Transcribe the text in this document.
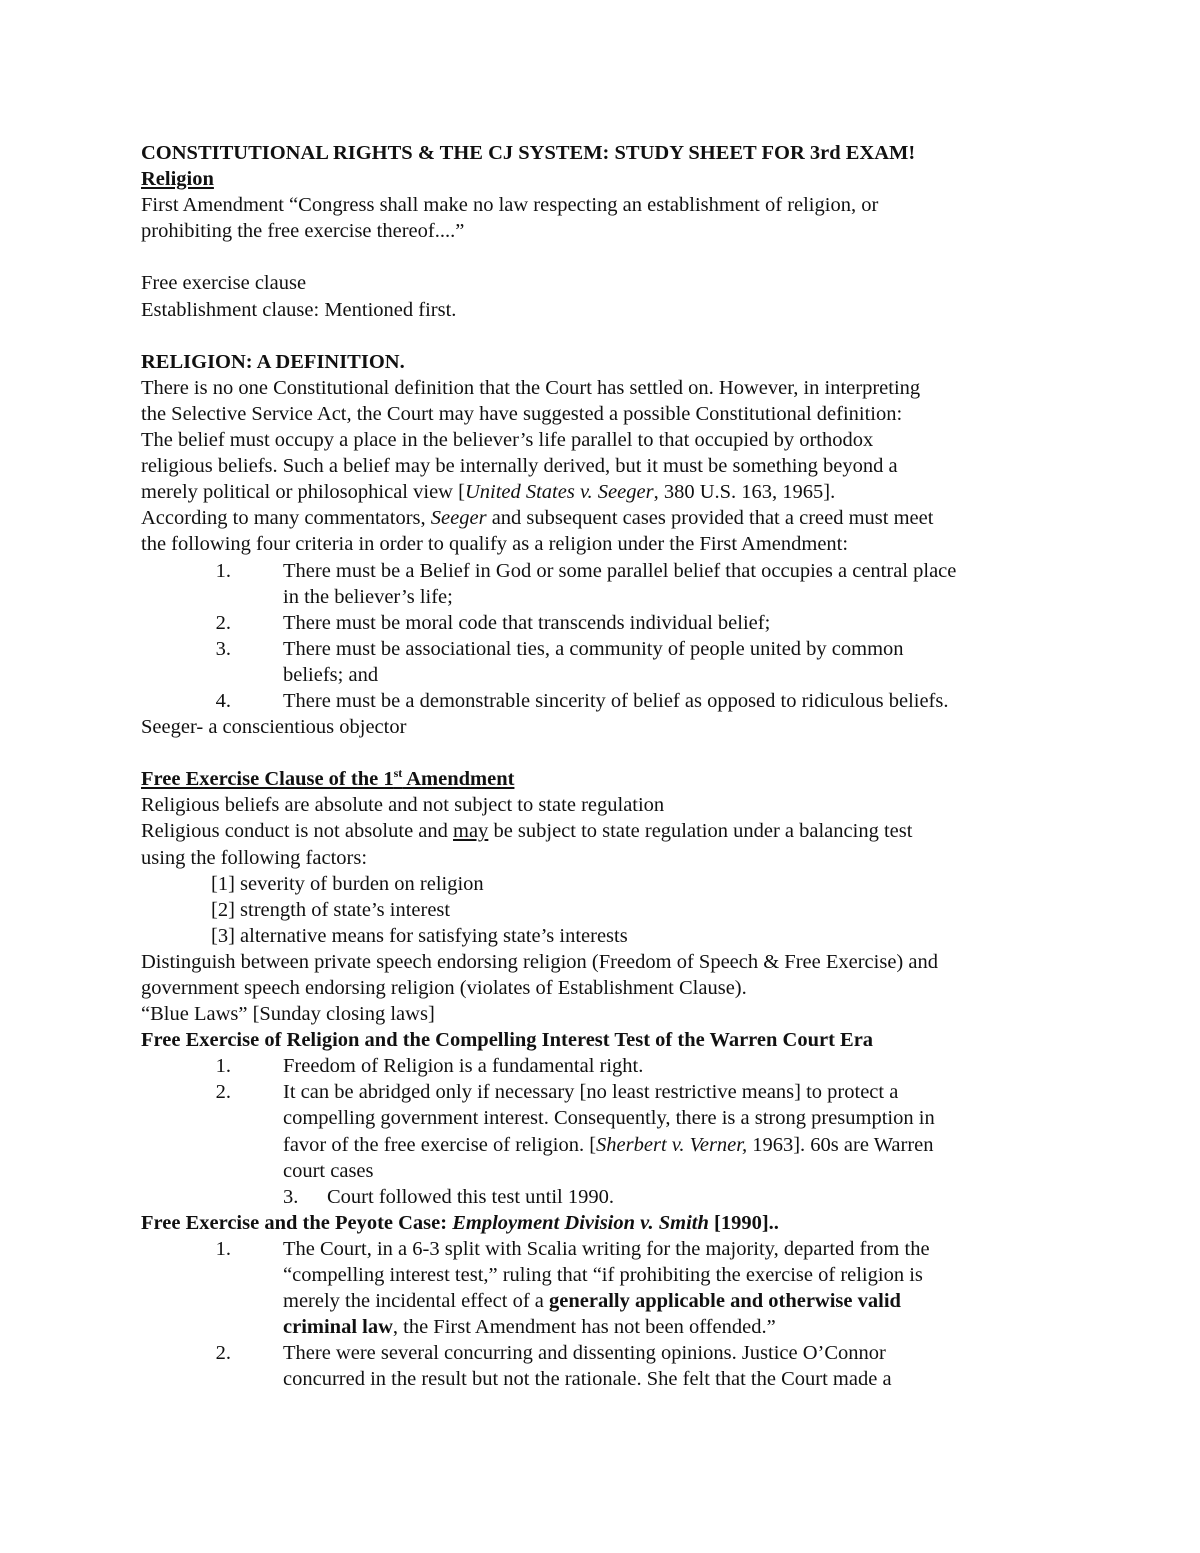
CONSTITUTIONAL RIGHTS & THE CJ SYSTEM: STUDY SHEET FOR 3rd EXAM!
Religion
First Amendment “Congress shall make no law respecting an establishment of religion, or
prohibiting the free exercise thereof....”
Free exercise clause
Establishment clause: Mentioned first.
RELIGION: A DEFINITION.
There is no one Constitutional definition that the Court has settled on. However, in interpreting
the Selective Service Act, the Court may have suggested a possible Constitutional definition:
The belief must occupy a place in the believer’s life parallel to that occupied by orthodox
religious beliefs. Such a belief may be internally derived, but it must be something beyond a
merely political or philosophical view [United States v. Seeger, 380 U.S. 163, 1965].
According to many commentators, Seeger and subsequent cases provided that a creed must meet
the following four criteria in order to qualify as a religion under the First Amendment:
1.	There must be a Belief in God or some parallel belief that occupies a central place
in the believer’s life;
2.	There must be moral code that transcends individual belief;
3.	There must be associational ties, a community of people united by common
beliefs; and
4.	There must be a demonstrable sincerity of belief as opposed to ridiculous beliefs.
Seeger- a conscientious objector
Free Exercise Clause of the 1st Amendment
Religious beliefs are absolute and not subject to state regulation
Religious conduct is not absolute and may be subject to state regulation under a balancing test
using the following factors:
[1] severity of burden on religion
[2] strength of state’s interest
[3] alternative means for satisfying state’s interests
Distinguish between private speech endorsing religion (Freedom of Speech & Free Exercise) and
government speech endorsing religion (violates of Establishment Clause).
“Blue Laws” [Sunday closing laws]
Free Exercise of Religion and the Compelling Interest Test of the Warren Court Era
1.	Freedom of Religion is a fundamental right.
2.	It can be abridged only if necessary [no least restrictive means] to protect a
compelling government interest. Consequently, there is a strong presumption in
favor of the free exercise of religion. [Sherbert v. Verner, 1963]. 60s are Warren
court cases
3. Court followed this test until 1990.
Free Exercise and the Peyote Case: Employment Division v. Smith [1990]..
1.	The Court, in a 6-3 split with Scalia writing for the majority, departed from the
“compelling interest test,” ruling that “if prohibiting the exercise of religion is
merely the incidental effect of a generally applicable and otherwise valid
criminal law, the First Amendment has not been offended.”
2.	There were several concurring and dissenting opinions. Justice O’Connor
concurred in the result but not the rationale. She felt that the Court made a
